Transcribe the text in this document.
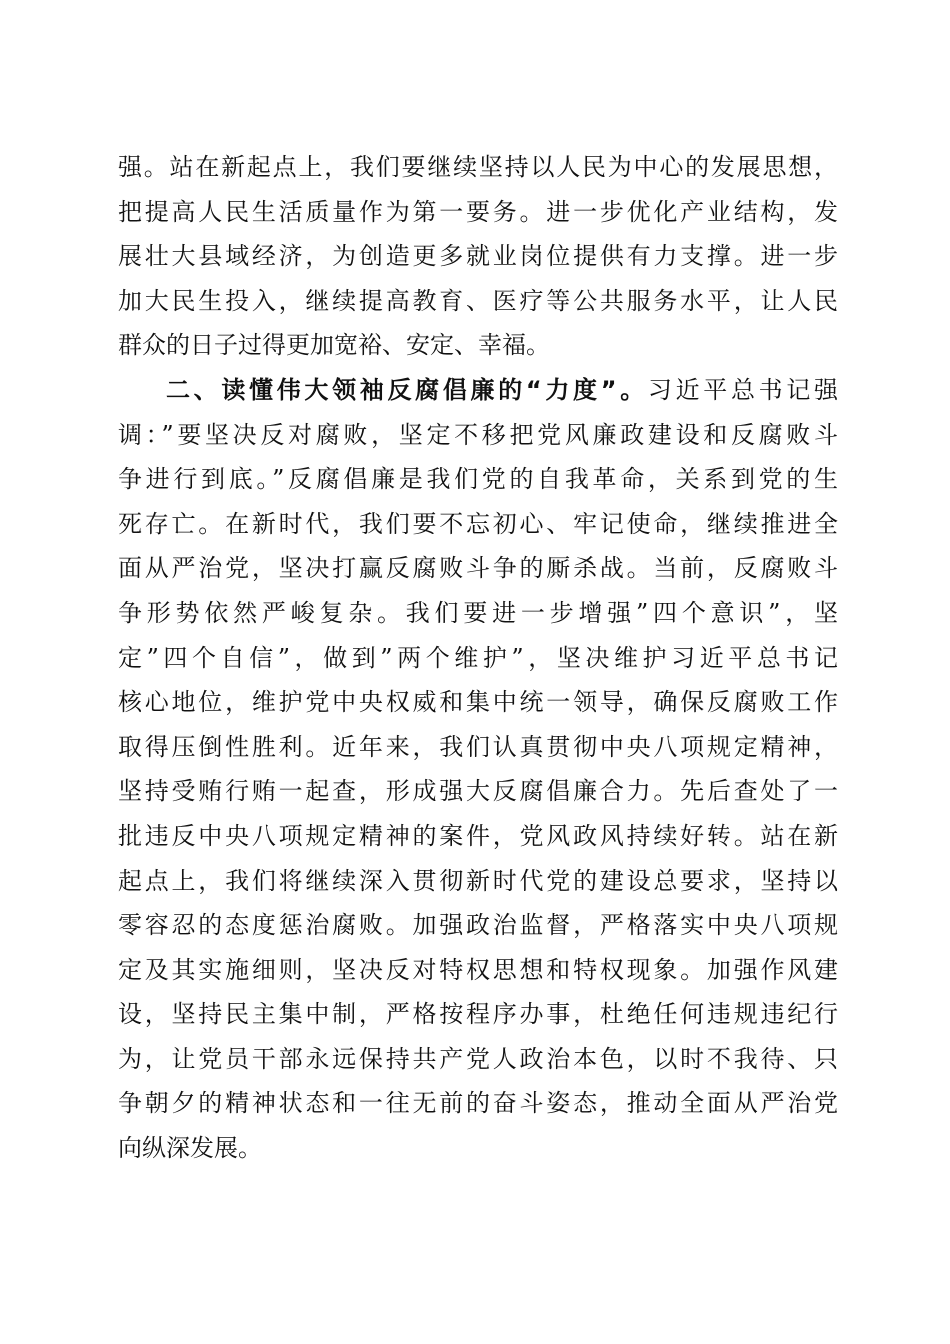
强。站在新起点上，我们要继续坚持以人民为中心的发展思想，
把提高人民生活质量作为第一要务。进一步优化产业结构，发
展壮大县域经济，为创造更多就业岗位提供有力支撑。进一步
加大民生投入，继续提高教育、医疗等公共服务水平，让人民
群众的日子过得更加宽裕、安定、幸福。
二、读懂伟大领袖反腐倡廉的“力度”。习近平总书记强
调：”要坚决反对腐败，坚定不移把党风廉政建设和反腐败斗
争进行到底。”反腐倡廉是我们党的自我革命，关系到党的生
死存亡。在新时代，我们要不忘初心、牢记使命，继续推进全
面从严治党，坚决打赢反腐败斗争的厮杀战。当前，反腐败斗
争形势依然严峻复杂。我们要进一步增强”四个意识”，坚
定”四个自信”，做到”两个维护”，坚决维护习近平总书记
核心地位，维护党中央权威和集中统一领导，确保反腐败工作
取得压倒性胜利。近年来，我们认真贯彻中央八项规定精神，
坚持受贿行贿一起查，形成强大反腐倡廉合力。先后查处了一
批违反中央八项规定精神的案件，党风政风持续好转。站在新
起点上，我们将继续深入贯彻新时代党的建设总要求，坚持以
零容忍的态度惩治腐败。加强政治监督，严格落实中央八项规
定及其实施细则，坚决反对特权思想和特权现象。加强作风建
设，坚持民主集中制，严格按程序办事，杜绝任何违规违纪行
为，让党员干部永远保持共产党人政治本色，以时不我待、只
争朝夕的精神状态和一往无前的奋斗姿态，推动全面从严治党
向纵深发展。
